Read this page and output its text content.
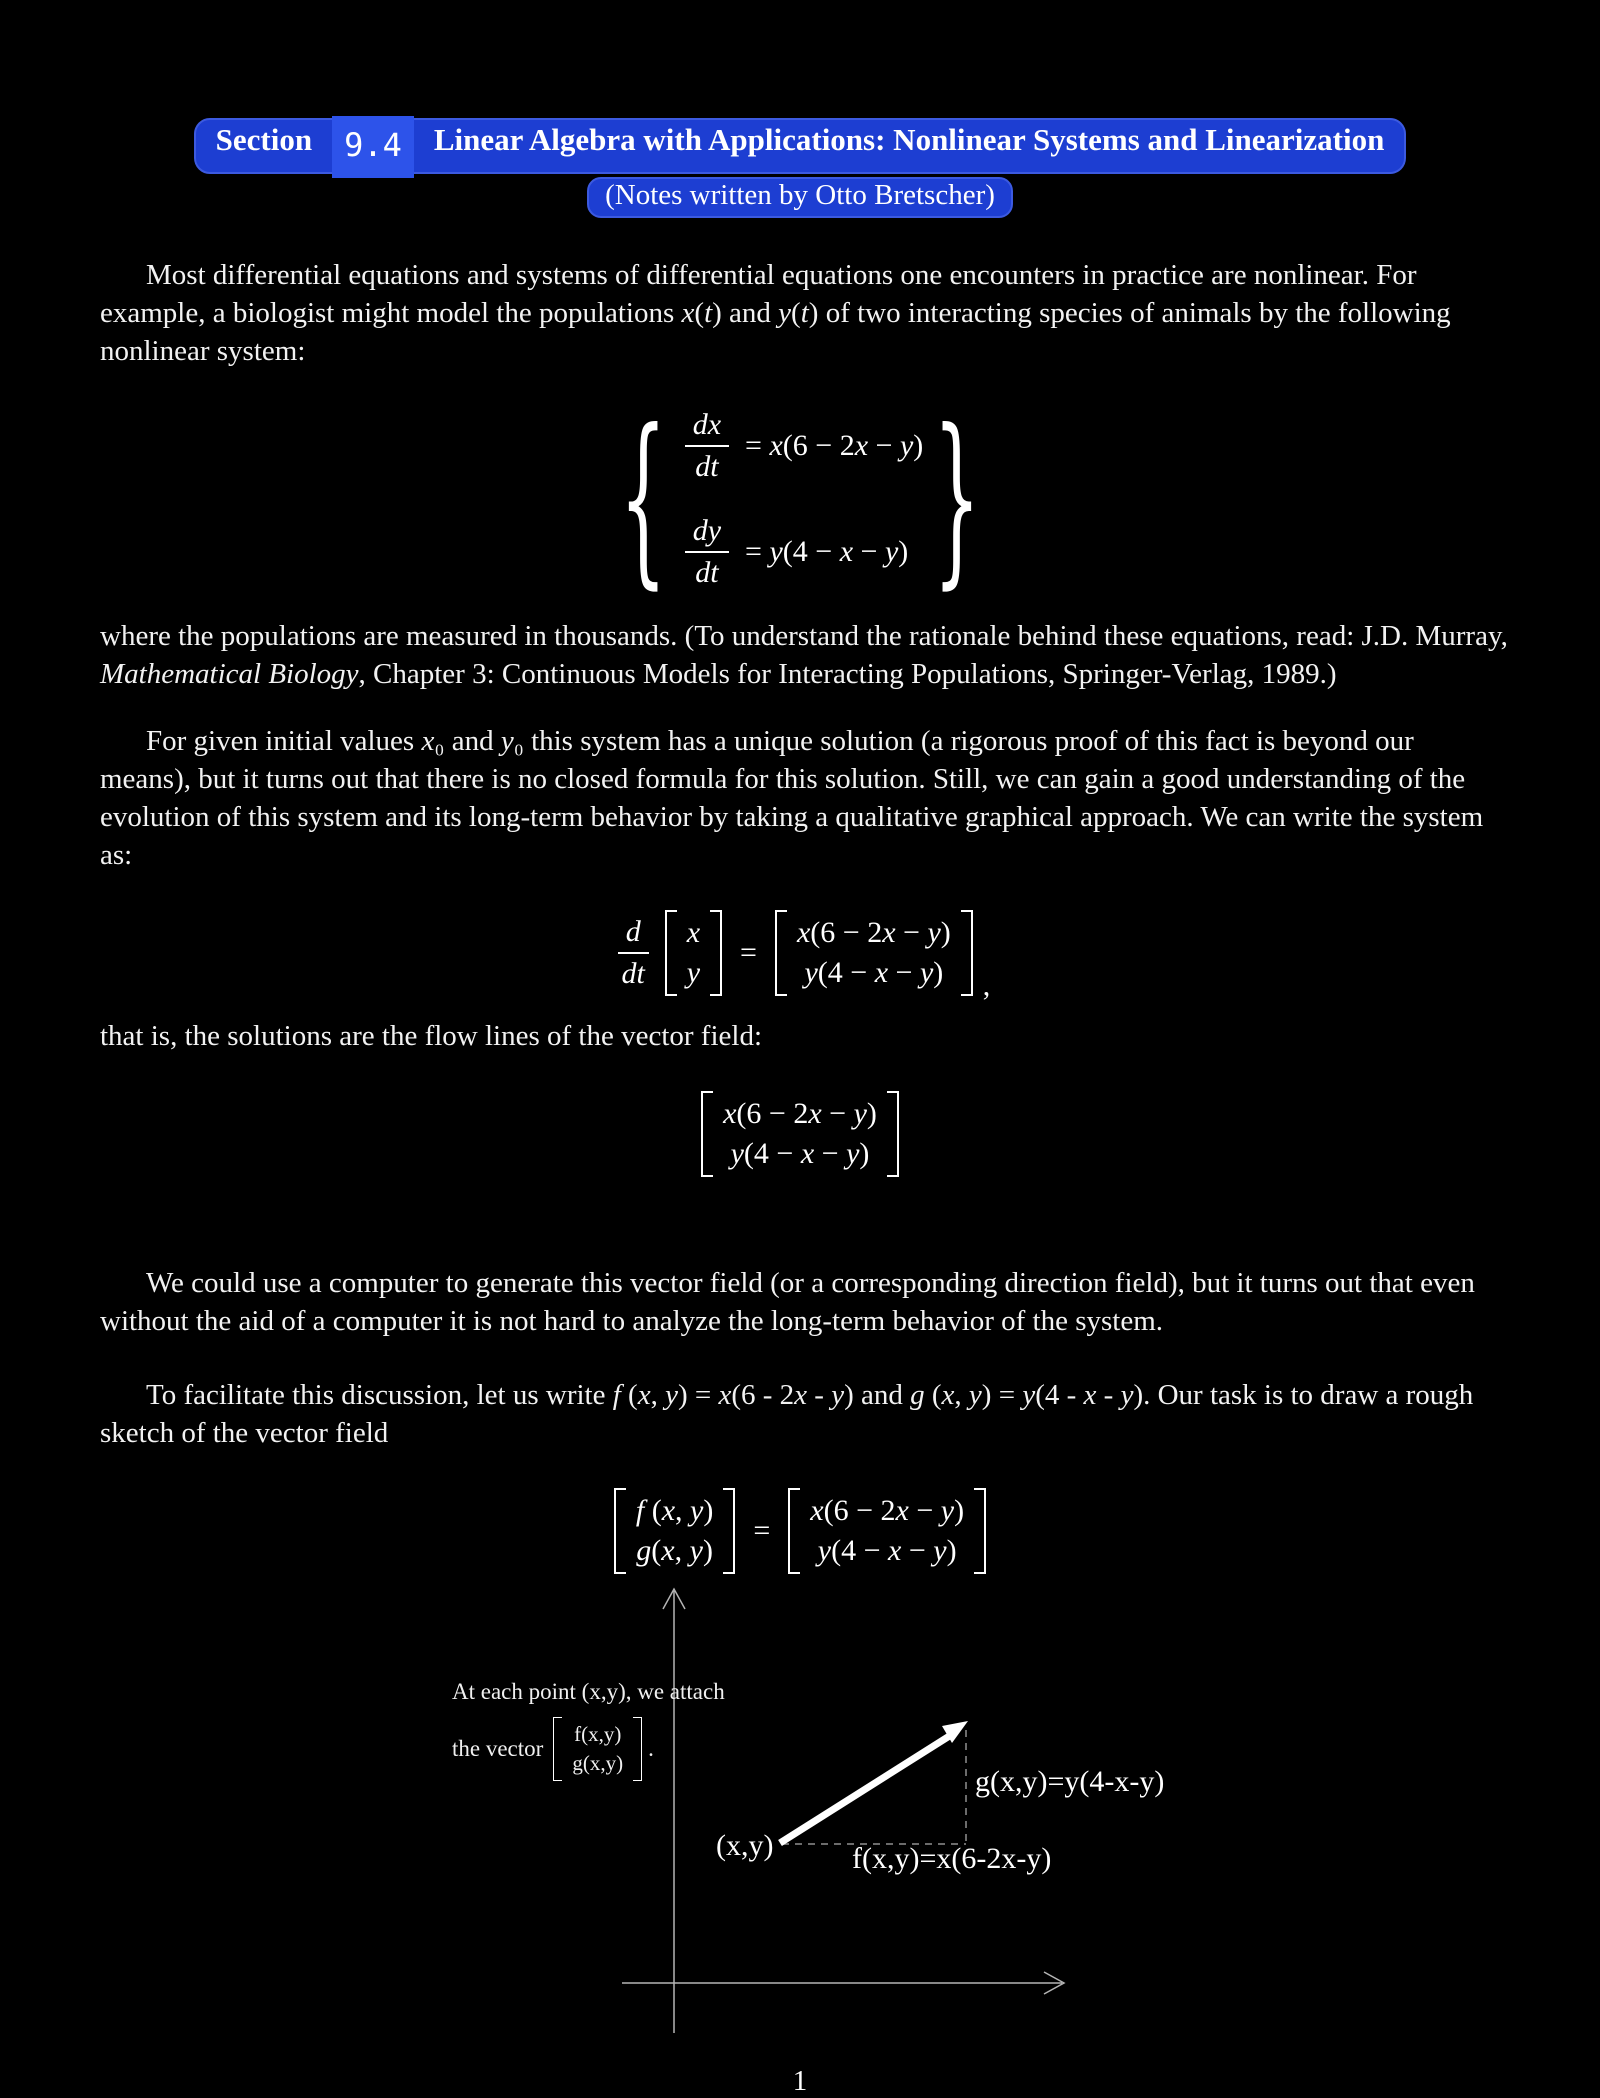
Section 9.4 Linear Algebra with Applications: Nonlinear Systems and Linearization
(Notes written by Otto Bretscher)

Most differential equations and systems of differential equations one encounters in practice are nonlinear. For example, a biologist might model the populations x(t) and y(t) of two interacting species of animals by the following nonlinear system:

{ $\frac{dx}{dt} = x(6 - 2x - y)$
$\frac{dy}{dt} = y(4 - x - y)$ }

where the populations are measured in thousands. (To understand the rationale behind these equations, read: J.D. Murray, Mathematical Biology, Chapter 3: Continuous Models for Interacting Populations, Springer-Verlag, 1989.)

For given initial values x₀ and y₀ this system has a unique solution (a rigorous proof of this fact is beyond our means), but it turns out that there is no closed formula for this solution. Still, we can gain a good understanding of the evolution of this system and its long-term behavior by taking a qualitative graphical approach. We can write the system as:

$\frac{d}{dt}$ x
y
=
x(6 − 2x − y)
y(4 − x − y) ,

that is, the solutions are the flow lines of the vector field:

x(6 − 2x − y)
y(4 − x − y)

We could use a computer to generate this vector field (or a corresponding direction field), but it turns out that even without the aid of a computer it is not hard to analyze the long-term behavior of the system.

To facilitate this discussion, let us write f (x, y) = x(6 - 2x - y) and g (x, y) = y(4 - x - y). Our task is to draw a rough sketch of the vector field

f (x, y)
g(x, y)
=
x(6 − 2x − y)
y(4 − x − y)
At each point (x,y), we attach
the vector
f(x,y)
g(x,y)
.
(x,y)	f(x,y)=x(6-2x-y)
g(x,y)=y(4-x-y)
1
